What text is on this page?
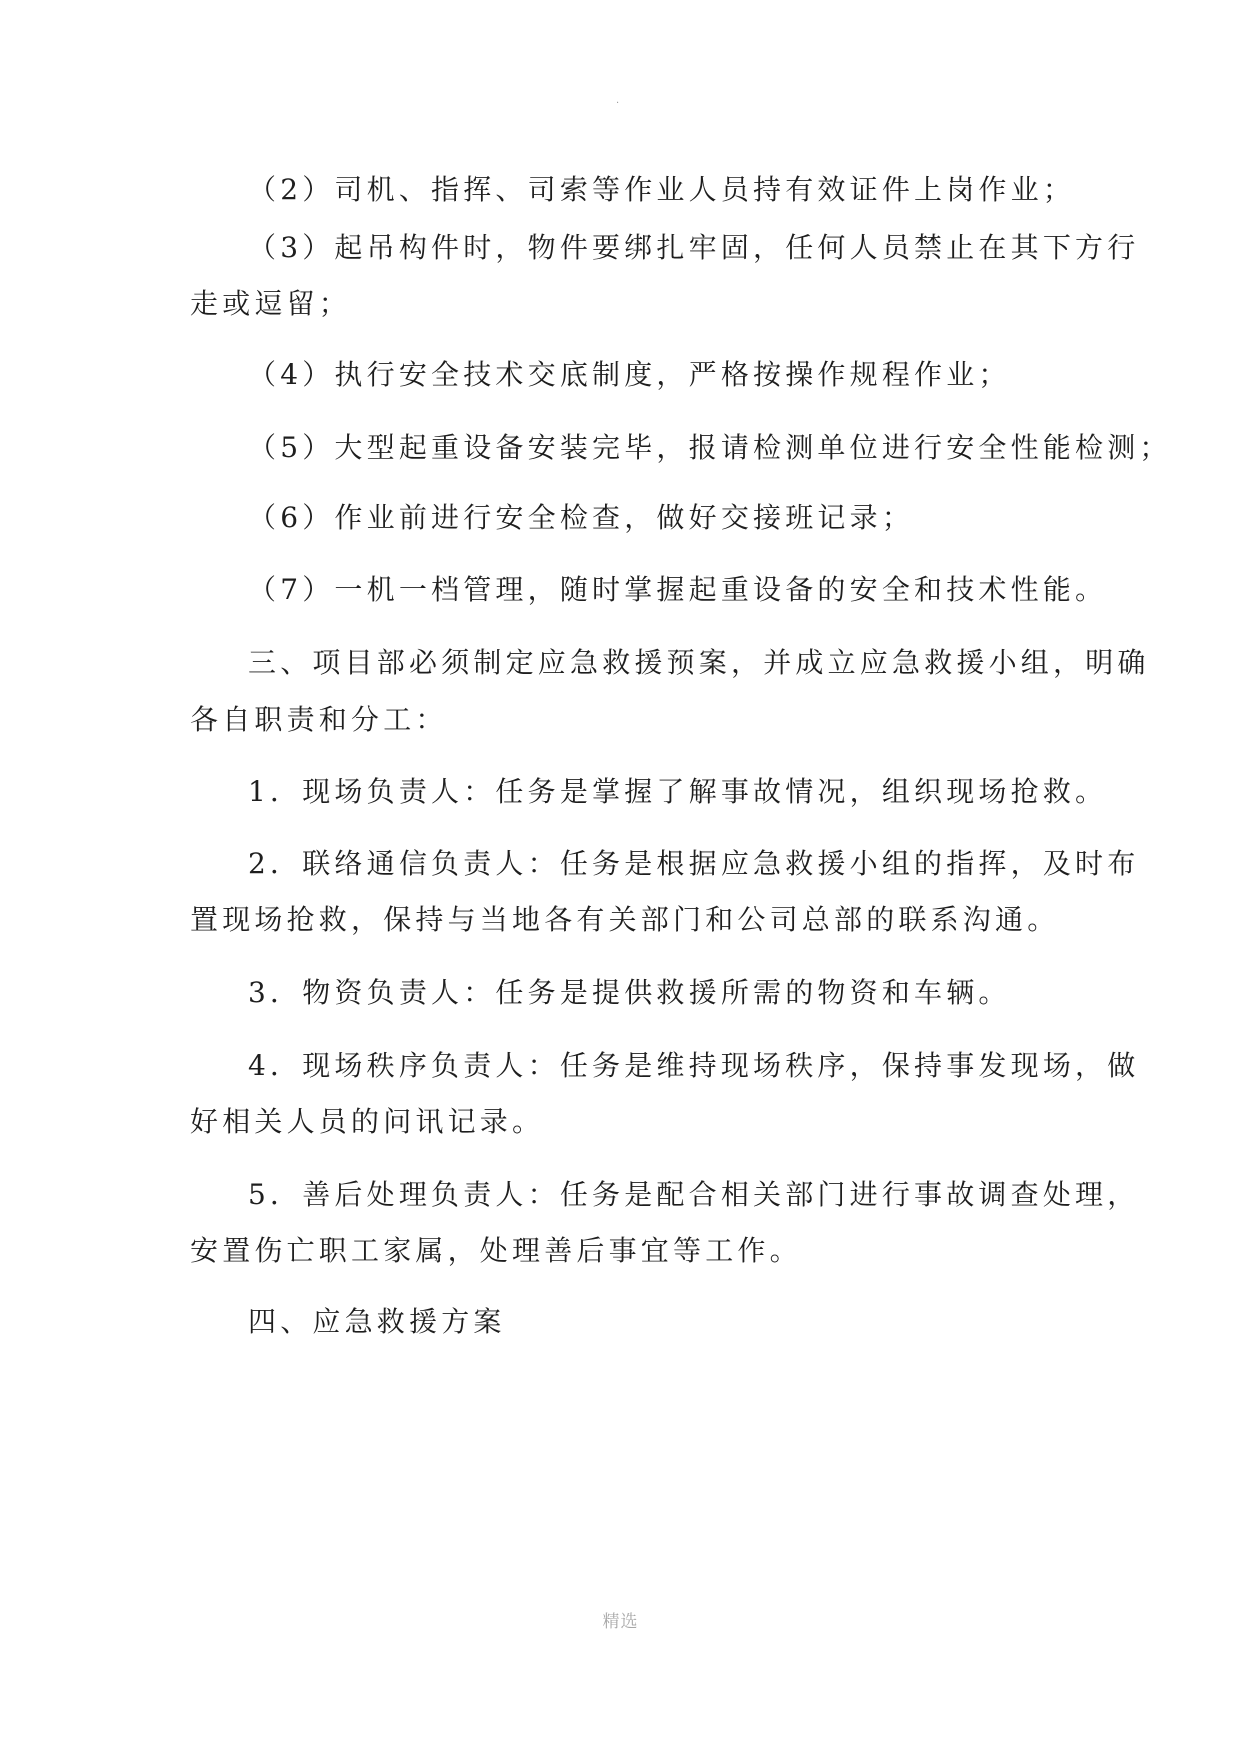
.
（2）司机、指挥、司索等作业人员持有效证件上岗作业；
（3）起吊构件时，物件要绑扎牢固，任何人员禁止在其下方行
走或逗留；
（4）执行安全技术交底制度，严格按操作规程作业；
（5）大型起重设备安装完毕，报请检测单位进行安全性能检测；
（6）作业前进行安全检查，做好交接班记录；
（7）一机一档管理，随时掌握起重设备的安全和技术性能。
三、项目部必须制定应急救援预案，并成立应急救援小组，明确
各自职责和分工：
1．现场负责人：任务是掌握了解事故情况，组织现场抢救。
2．联络通信负责人：任务是根据应急救援小组的指挥，及时布
置现场抢救，保持与当地各有关部门和公司总部的联系沟通。
3．物资负责人：任务是提供救援所需的物资和车辆。
4．现场秩序负责人：任务是维持现场秩序，保持事发现场，做
好相关人员的问讯记录。
5．善后处理负责人：任务是配合相关部门进行事故调查处理，
安置伤亡职工家属，处理善后事宜等工作。
四、应急救援方案
精选
